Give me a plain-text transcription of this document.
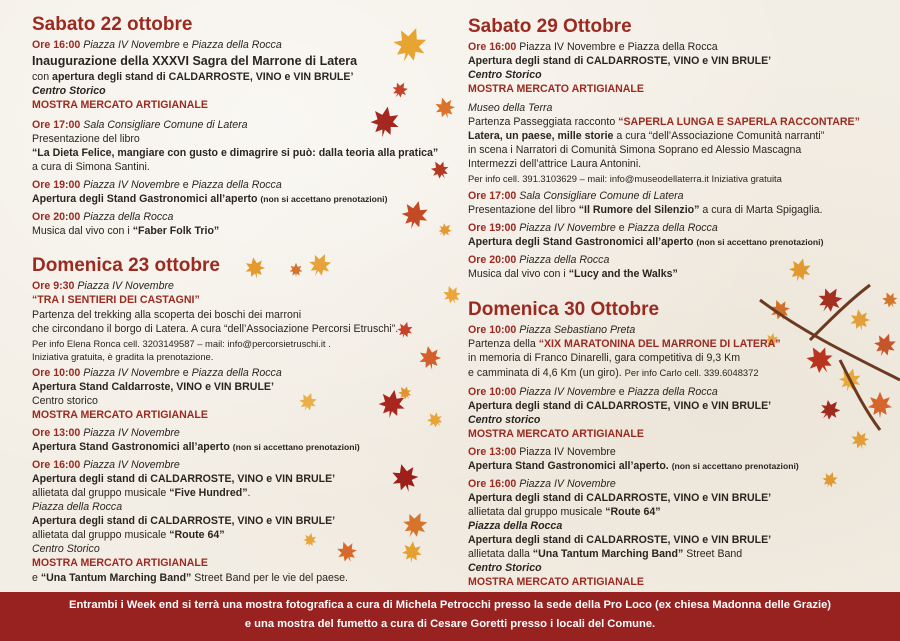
Sabato 22 ottobre
Ore 16:00 Piazza IV Novembre e Piazza della Rocca
Inaugurazione della XXXVI Sagra del Marrone di Latera
con apertura degli stand di CALDARROSTE, VINO e VIN BRULE’
Centro Storico
MOSTRA MERCATO ARTIGIANALE
Ore 17:00 Sala Consigliare Comune di Latera
Presentazione del libro
“La Dieta Felice, mangiare con gusto e dimagrire si può: dalla teoria alla pratica”
a cura di Simona Santini.
Ore 19:00 Piazza IV Novembre e Piazza della Rocca
Apertura degli Stand Gastronomici all’aperto (non si accettano prenotazioni)
Ore 20:00 Piazza della Rocca
Musica dal vivo con i “Faber Folk Trio”
Domenica 23 ottobre
Ore 9:30 Piazza IV Novembre
“TRA I SENTIERI DEI CASTAGNI”
Partenza del trekking alla scoperta dei boschi dei marroni
che circondano il borgo di Latera. A cura “dell’Associazione Percorsi Etruschi”.
Per info Elena Ronca cell. 3203149587 – mail: info@percorsietruschi.it .
Iniziativa gratuita, è gradita la prenotazione.
Ore 10:00 Piazza IV Novembre e Piazza della Rocca
Apertura Stand Caldarroste, VINO e VIN BRULE’
Centro storico
MOSTRA MERCATO ARTIGIANALE
Ore 13:00 Piazza IV Novembre
Apertura Stand Gastronomici all’aperto (non si accettano prenotazioni)
Ore 16:00 Piazza IV Novembre
Apertura degli stand di CALDARROSTE, VINO e VIN BRULE’
allietata dal gruppo musicale “Five Hundred”.
Piazza della Rocca
Apertura degli stand di CALDARROSTE, VINO e VIN BRULE’
allietata dal gruppo musicale “Route 64”
Centro Storico
MOSTRA MERCATO ARTIGIANALE
e “Una Tantum Marching Band” Street Band per le vie del paese.
Sabato 29 Ottobre
Ore 16:00 Piazza IV Novembre e Piazza della Rocca
Apertura degli stand di CALDARROSTE, VINO e VIN BRULE’
Centro Storico
MOSTRA MERCATO ARTIGIANALE
Museo della Terra
Partenza Passeggiata racconto “SAPERLA LUNGA E SAPERLA RACCONTARE”
Latera, un paese, mille storie a cura “dell’Associazione Comunità narranti”
in scena i Narratori di Comunità Simona Soprano ed Alessio Mascagna
Intermezzi dell’attrice Laura Antonini.
Per info cell. 391.3103629 – mail: info@museodellaterra.it Iniziativa gratuita
Ore 17:00 Sala Consigliare Comune di Latera
Presentazione del libro “Il Rumore del Silenzio” a cura di Marta Spigaglia.
Ore 19:00 Piazza IV Novembre e Piazza della Rocca
Apertura degli Stand Gastronomici all’aperto (non si accettano prenotazioni)
Ore 20:00 Piazza della Rocca
Musica dal vivo con i “Lucy and the Walks”
Domenica 30 Ottobre
Ore 10:00 Piazza Sebastiano Preta
Partenza della “XIX MARATONINA DEL MARRONE DI LATERA”
in memoria di Franco Dinarelli, gara competitiva di 9,3 Km
e camminata di 4,6 Km (un giro). Per info Carlo cell. 339.6048372
Ore 10:00 Piazza IV Novembre e Piazza della Rocca
Apertura degli stand di CALDARROSTE, VINO e VIN BRULE’
Centro storico
MOSTRA MERCATO ARTIGIANALE
Ore 13:00 Piazza IV Novembre
Apertura Stand Gastronomici all’aperto. (non si accettano prenotazioni)
Ore 16:00 Piazza IV Novembre
Apertura degli stand di CALDARROSTE, VINO e VIN BRULE’
allietata dal gruppo musicale “Route 64”
Piazza della Rocca
Apertura degli stand di CALDARROSTE, VINO e VIN BRULE’
allietata dalla “Una Tantum Marching Band” Street Band
Centro Storico
MOSTRA MERCATO ARTIGIANALE
Entrambi i Week end si terrà una mostra fotografica a cura di Michela Petrocchi presso la sede della Pro Loco (ex chiesa Madonna delle Grazie)
e una mostra del fumetto a cura di Cesare Goretti presso i locali del Comune.
